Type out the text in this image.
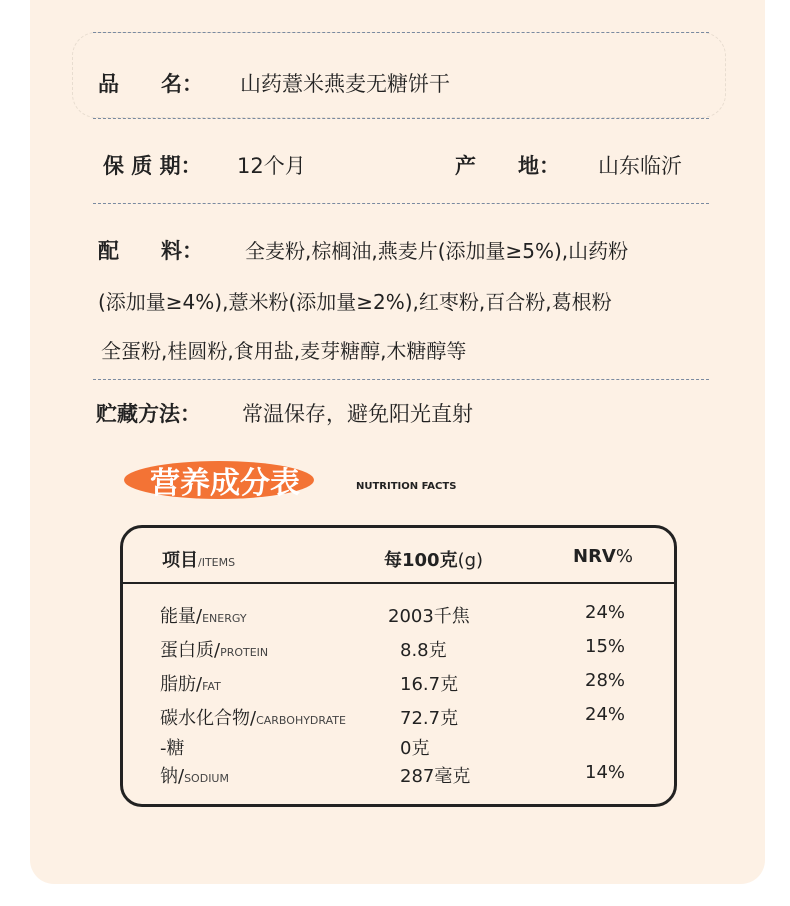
品　　名： 山药薏米燕麦无糖饼干
保 质 期： 12个月	产　　地： 山东临沂
配　　料： 全麦粉,棕榈油,燕麦片(添加量≥5%),山药粉
(添加量≥4%),薏米粉(添加量≥2%),红枣粉,百合粉,葛根粉
全蛋粉,桂圆粉,食用盐,麦芽糖醇,木糖醇等
贮藏方法： 常温保存，避免阳光直射
营养成分表	NUTRITION FACTS
项目/ITEMS	每100克(g)	NRV%
能量/ENERGY	2003千焦	24%
蛋白质/PROTEIN	8.8克	15%
脂肪/FAT	16.7克	28%
碳水化合物/CARBOHYDRATE	72.7克	24%
-糖	0克
钠/SODIUM	287毫克	14%
